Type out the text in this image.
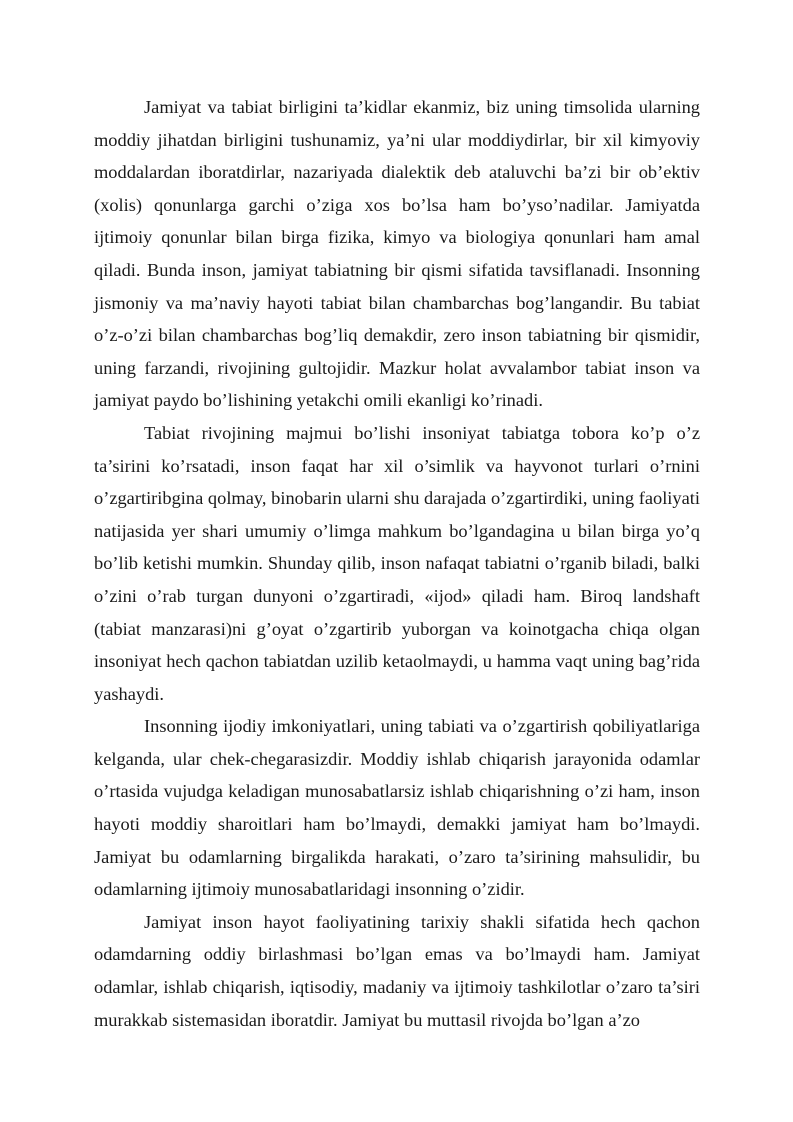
Jamiyat va tabiat birligini ta’kidlar ekanmiz, biz uning timsolida ularning moddiy jihatdan birligini tushunamiz, ya’ni ular moddiydirlar, bir xil kimyoviy moddalardan iboratdirlar, nazariyada dialektik deb ataluvchi ba’zi bir ob’ektiv (xolis) qonunlarga garchi o’ziga xos bo’lsa ham bo’yso’nadilar. Jamiyatda ijtimoiy qonunlar bilan birga fizika, kimyo va biologiya qonunlari ham amal qiladi. Bunda inson, jamiyat tabiatning bir qismi sifatida tavsiflanadi. Insonning jismoniy va ma’naviy hayoti tabiat bilan chambarchas bog’langandir. Bu tabiat o’z-o’zi bilan chambarchas bog’liq demakdir, zero inson tabiatning bir qismidir, uning farzandi, rivojining gultojidir. Mazkur holat avvalambor tabiat inson va jamiyat paydo bo’lishining yetakchi omili ekanligi ko’rinadi.

Tabiat rivojining majmui bo’lishi insoniyat tabiatga tobora ko’p o’z ta’sirini ko’rsatadi, inson faqat har xil o’simlik va hayvonot turlari o’rnini o’zgartiribgina qolmay, binobarin ularni shu darajada o’zgartirdiki, uning faoliyati natijasida yer shari umumiy o’limga mahkum bo’lgandagina u bilan birga yo’q bo’lib ketishi mumkin. Shunday qilib, inson nafaqat tabiatni o’rganib biladi, balki o’zini o’rab turgan dunyoni o’zgartiradi, «ijod» qiladi ham. Biroq landshaft (tabiat manzarasi)ni g’oyat o’zgartirib yuborgan va koinotgacha chiqa olgan insoniyat hech qachon tabiatdan uzilib ketaolmaydi, u hamma vaqt uning bag’rida yashaydi.

Insonning ijodiy imkoniyatlari, uning tabiati va o’zgartirish qobiliyatlariga kelganda, ular chek-chegarasizdir. Moddiy ishlab chiqarish jarayonida odamlar o’rtasida vujudga keladigan munosabatlarsiz ishlab chiqarishning o’zi ham, inson hayoti moddiy sharoitlari ham bo’lmaydi, demakki jamiyat ham bo’lmaydi. Jamiyat bu odamlarning birgalikda harakati, o’zaro ta’sirining mahsulidir, bu odamlarning ijtimoiy munosabatlaridagi insonning o’zidir.

Jamiyat inson hayot faoliyatining tarixiy shakli sifatida hech qachon odamdarning oddiy birlashmasi bo’lgan emas va bo’lmaydi ham. Jamiyat odamlar, ishlab chiqarish, iqtisodiy, madaniy va ijtimoiy tashkilotlar o’zaro ta’siri murakkab sistemasidan iboratdir. Jamiyat bu muttasil rivojda bo’lgan a’zo
